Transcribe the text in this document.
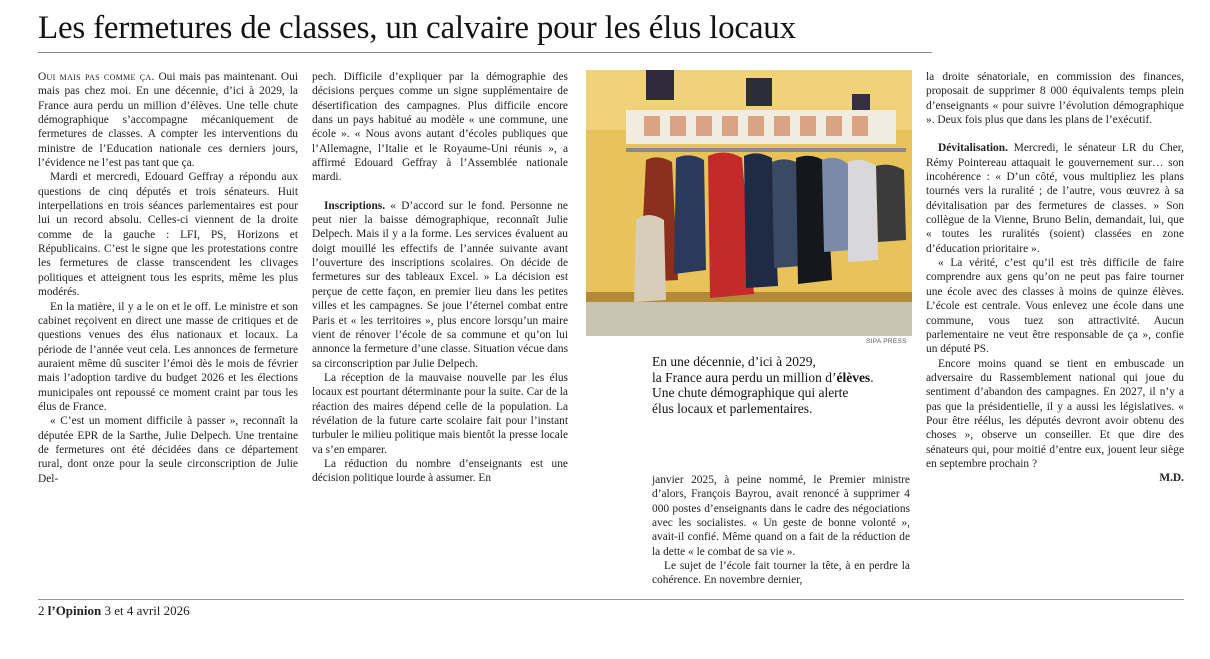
Les fermetures de classes, un calvaire pour les élus locaux

Oui mais pas comme ça. Oui mais pas maintenant. Oui mais pas chez moi. En une décennie, d’ici à 2029, la France aura perdu un million d’élèves. Une telle chute démographique s’accompagne mécaniquement de fermetures de classes. A compter les interventions du ministre de l’Education nationale ces derniers jours, l’évidence ne l’est pas tant que ça.

Mardi et mercredi, Edouard Geffray a répondu aux questions de cinq députés et trois sénateurs. Huit interpellations en trois séances parlementaires est pour lui un record absolu. Celles-ci viennent de la droite comme de la gauche : LFI, PS, Horizons et Républicains. C’est le signe que les protestations contre les fermetures de classe transcendent les clivages politiques et atteignent tous les esprits, même les plus modérés.

En la matière, il y a le on et le off. Le ministre et son cabinet reçoivent en direct une masse de critiques et de questions venues des élus nationaux et locaux. La période de l’année veut cela. Les annonces de fermeture auraient même dû susciter l’émoi dès le mois de février mais l’adoption tardive du budget 2026 et les élections municipales ont repoussé ce moment craint par tous les élus de France.

« C’est un moment difficile à passer », reconnaît la députée EPR de la Sarthe, Julie Delpech. Une trentaine de fermetures ont été décidées dans ce département rural, dont onze pour la seule circonscription de Julie Del-

pech. Difficile d’expliquer par la démographie des décisions perçues comme un signe supplémentaire de désertification des campagnes. Plus difficile encore dans un pays habitué au modèle « une commune, une école ». « Nous avons autant d’écoles publiques que l’Allemagne, l’Italie et le Royaume-Uni réunis », a affirmé Edouard Geffray à l’Assemblée nationale mardi.

Inscriptions. « D’accord sur le fond. Personne ne peut nier la baisse démographique, reconnaît Julie Delpech. Mais il y a la forme. Les services évaluent au doigt mouillé les effectifs de l’année suivante avant l’ouverture des inscriptions scolaires. On décide de fermetures sur des tableaux Excel. » La décision est perçue de cette façon, en premier lieu dans les petites villes et les campagnes. Se joue l’éternel combat entre Paris et « les territoires », plus encore lorsqu’un maire vient de rénover l’école de sa commune et qu’on lui annonce la fermeture d’une classe. Situation vécue dans sa circonscription par Julie Delpech.

La réception de la mauvaise nouvelle par les élus locaux est pourtant déterminante pour la suite. Car de la réaction des maires dépend celle de la population. La révélation de la future carte scolaire fait pour l’instant turbuler le milieu politique mais bientôt la presse locale va s’en emparer.

La réduction du nombre d’enseignants est une décision politique lourde à assumer. En

SIPA PRESS
En une décennie, d’ici à 2029,
la France aura perdu un million d’élèves.
Une chute démographique qui alerte
élus locaux et parlementaires.

janvier 2025, à peine nommé, le Premier ministre d’alors, François Bayrou, avait renoncé à supprimer 4 000 postes d’enseignants dans le cadre des négociations avec les socialistes. « Un geste de bonne volonté », avait-il confié. Même quand on a fait de la réduction de la dette « le combat de sa vie ».

Le sujet de l’école fait tourner la tête, à en perdre la cohérence. En novembre dernier,

la droite sénatoriale, en commission des finances, proposait de supprimer 8 000 équivalents temps plein d’enseignants « pour suivre l’évolution démographique ». Deux fois plus que dans les plans de l’exécutif.

Dévitalisation. Mercredi, le sénateur LR du Cher, Rémy Pointereau attaquait le gouvernement sur… son incohérence : « D’un côté, vous multipliez les plans tournés vers la ruralité ; de l’autre, vous œuvrez à sa dévitalisation par des fermetures de classes. » Son collègue de la Vienne, Bruno Belin, demandait, lui, que « toutes les ruralités (soient) classées en zone d’éducation prioritaire ».

« La vérité, c’est qu’il est très difficile de faire comprendre aux gens qu’on ne peut pas faire tourner une école avec des classes à moins de quinze élèves. L’école est centrale. Vous enlevez une école dans une commune, vous tuez son attractivité. Aucun parlementaire ne veut être responsable de ça », confie un député PS.

Encore moins quand se tient en embuscade un adversaire du Rassemblement national qui joue du sentiment d’abandon des campagnes. En 2027, il n’y a pas que la présidentielle, il y a aussi les législatives. « Pour être réélus, les députés devront avoir obtenu des choses », observe un conseiller. Et que dire des sénateurs qui, pour moitié d’entre eux, jouent leur siège en septembre prochain ?

M.D.

2 l’Opinion 3 et 4 avril 2026
